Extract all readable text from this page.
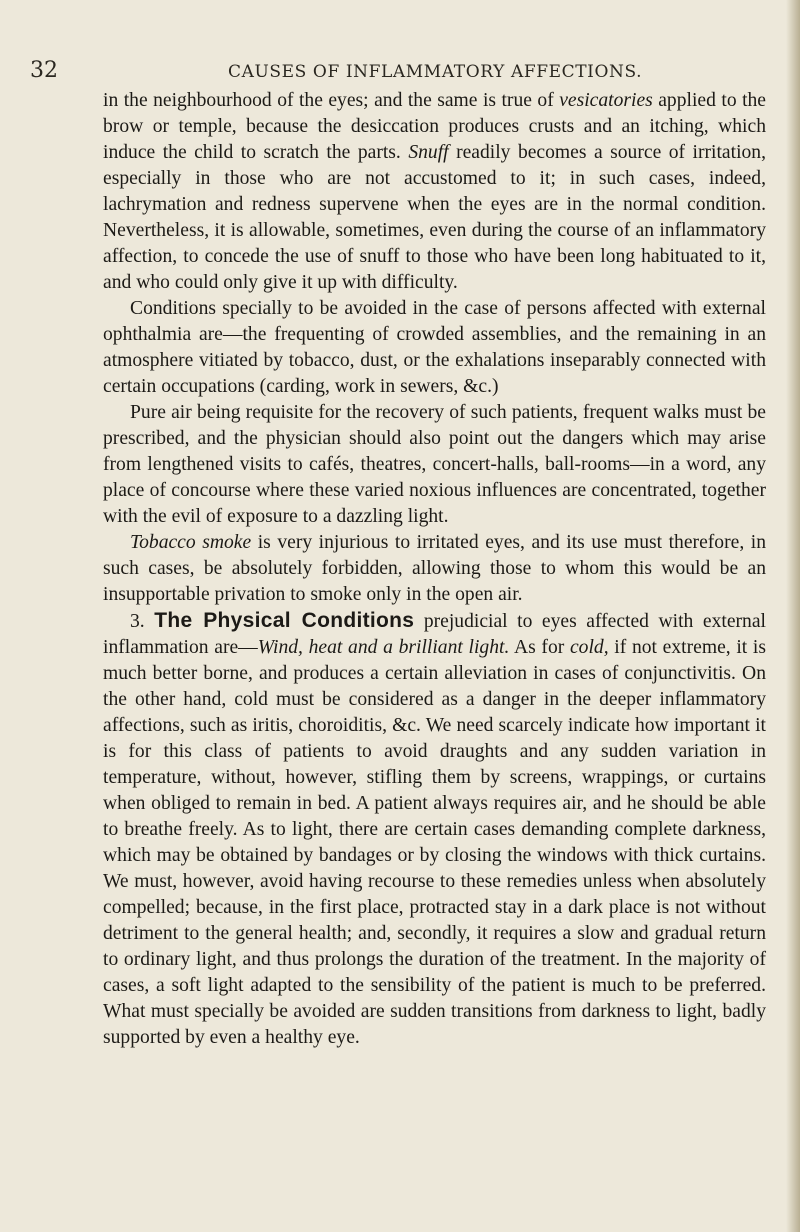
32	CAUSES OF INFLAMMATORY AFFECTIONS.

in the neighbourhood of the eyes; and the same is true of vesicatories applied to the brow or temple, because the desiccation produces crusts and an itching, which induce the child to scratch the parts. Snuff readily becomes a source of irritation, especially in those who are not accustomed to it; in such cases, indeed, lachrymation and redness supervene when the eyes are in the normal condition. Nevertheless, it is allowable, sometimes, even during the course of an inflammatory affection, to concede the use of snuff to those who have been long habituated to it, and who could only give it up with difficulty.

Conditions specially to be avoided in the case of persons affected with external ophthalmia are—the frequenting of crowded assemblies, and the remaining in an atmosphere vitiated by tobacco, dust, or the exhalations inseparably connected with certain occupations (carding, work in sewers, &c.)

Pure air being requisite for the recovery of such patients, frequent walks must be prescribed, and the physician should also point out the dangers which may arise from lengthened visits to cafés, theatres, concert-halls, ball-rooms—in a word, any place of concourse where these varied noxious influences are concentrated, together with the evil of exposure to a dazzling light.

Tobacco smoke is very injurious to irritated eyes, and its use must therefore, in such cases, be absolutely forbidden, allowing those to whom this would be an insupportable privation to smoke only in the open air.

3. The Physical Conditions prejudicial to eyes affected with external inflammation are—Wind, heat and a brilliant light. As for cold, if not extreme, it is much better borne, and produces a certain alleviation in cases of conjunctivitis. On the other hand, cold must be considered as a danger in the deeper inflammatory affections, such as iritis, choroiditis, &c. We need scarcely indicate how important it is for this class of patients to avoid draughts and any sudden variation in temperature, without, however, stifling them by screens, wrappings, or curtains when obliged to remain in bed. A patient always requires air, and he should be able to breathe freely. As to light, there are certain cases demanding complete darkness, which may be obtained by bandages or by closing the windows with thick curtains. We must, however, avoid having recourse to these remedies unless when absolutely compelled; because, in the first place, protracted stay in a dark place is not without detriment to the general health; and, secondly, it requires a slow and gradual return to ordinary light, and thus prolongs the duration of the treatment. In the majority of cases, a soft light adapted to the sensibility of the patient is much to be preferred. What must specially be avoided are sudden transitions from darkness to light, badly supported by even a healthy eye.
